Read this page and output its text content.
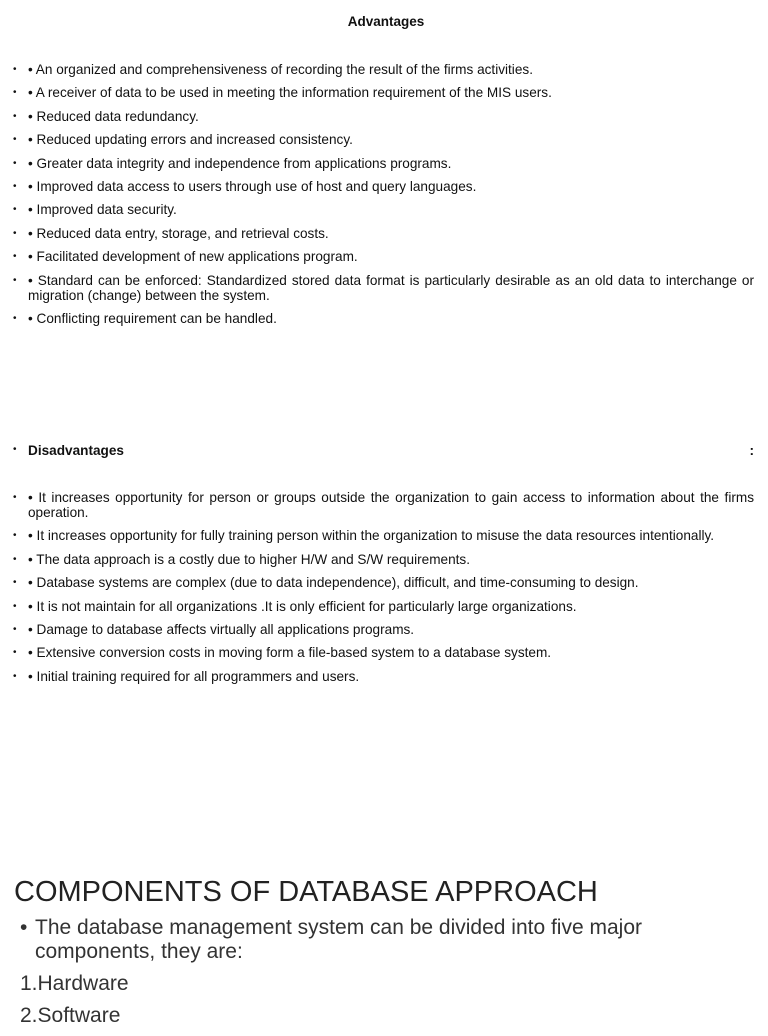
Advantages
• • An organized and comprehensiveness of recording the result of the firms activities.
• • A receiver of data to be used in meeting the information requirement of the MIS users.
• • Reduced data redundancy.
• • Reduced updating errors and increased consistency.
• • Greater data integrity and independence from applications programs.
• • Improved data access to users through use of host and query languages.
• • Improved data security.
• • Reduced data entry, storage, and retrieval costs.
• • Facilitated development of new applications program.
• • Standard can be enforced: Standardized stored data format is particularly desirable as an old data to interchange or migration (change) between the system.
• • Conflicting requirement can be handled.
• Disadvantages	:
• • It increases opportunity for person or groups outside the organization to gain access to information about the firms operation.
• • It increases opportunity for fully training person within the organization to misuse the data resources intentionally.
• • The data approach is a costly due to higher H/W and S/W requirements.
• • Database systems are complex (due to data independence), difficult, and time-consuming to design.
• • It is not maintain for all organizations .It is only efficient for particularly large organizations.
• • Damage to database affects virtually all applications programs.
• • Extensive conversion costs in moving form a file-based system to a database system.
• • Initial training required for all programmers and users.
COMPONENTS OF DATABASE APPROACH
• The database management system can be divided into five major components, they are:
1.Hardware
2.Software
